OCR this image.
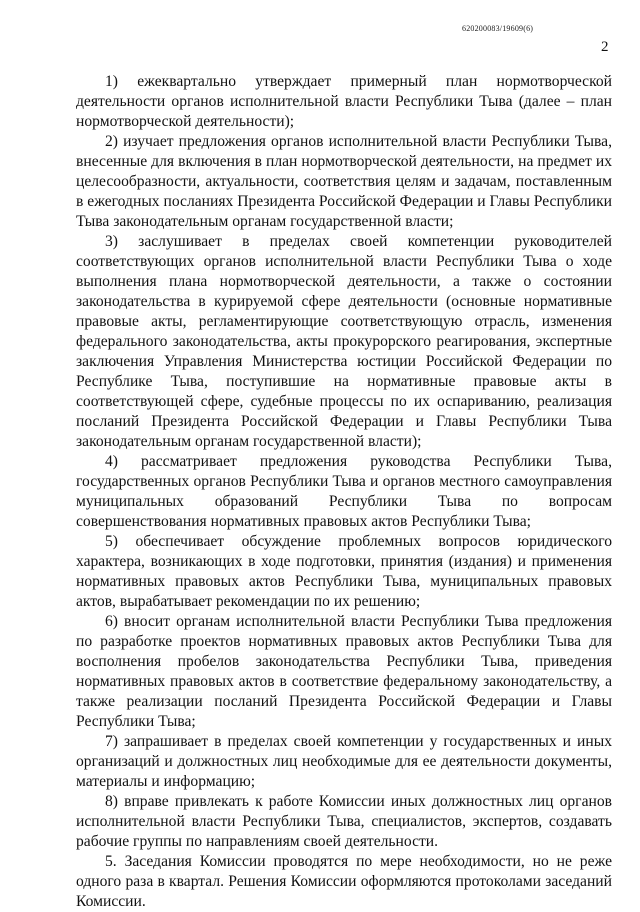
620200083/19609(6)
2

1) ежеквартально утверждает примерный план нормотворческой деятельности органов исполнительной власти Республики Тыва (далее – план нормотворческой деятельности);

2) изучает предложения органов исполнительной власти Республики Тыва, внесенные для включения в план нормотворческой деятельности, на предмет их целесообразности, актуальности, соответствия целям и задачам, поставленным в ежегодных посланиях Президента Российской Федерации и Главы Республики Тыва законодательным органам государственной власти;

3) заслушивает в пределах своей компетенции руководителей соответствующих органов исполнительной власти Республики Тыва о ходе выполнения плана нормотворческой деятельности, а также о состоянии законодательства в курируемой сфере деятельности (основные нормативные правовые акты, регламентирующие соответствующую отрасль, изменения федерального законодательства, акты прокурорского реагирования, экспертные заключения Управления Министерства юстиции Российской Федерации по Республике Тыва, поступившие на нормативные правовые акты в соответствующей сфере, судебные процессы по их оспариванию, реализация посланий Президента Российской Федерации и Главы Республики Тыва законодательным органам государственной власти);

4) рассматривает предложения руководства Республики Тыва, государственных органов Республики Тыва и органов местного самоуправления муниципальных образований Республики Тыва по вопросам совершенствования нормативных правовых актов Республики Тыва;

5) обеспечивает обсуждение проблемных вопросов юридического характера, возникающих в ходе подготовки, принятия (издания) и применения нормативных правовых актов Республики Тыва, муниципальных правовых актов, вырабатывает рекомендации по их решению;

6) вносит органам исполнительной власти Республики Тыва предложения по разработке проектов нормативных правовых актов Республики Тыва для восполнения пробелов законодательства Республики Тыва, приведения нормативных правовых актов в соответствие федеральному законодательству, а также реализации посланий Президента Российской Федерации и Главы Республики Тыва;

7) запрашивает в пределах своей компетенции у государственных и иных организаций и должностных лиц необходимые для ее деятельности документы, материалы и информацию;

8) вправе привлекать к работе Комиссии иных должностных лиц органов исполнительной власти Республики Тыва, специалистов, экспертов, создавать рабочие группы по направлениям своей деятельности.

5. Заседания Комиссии проводятся по мере необходимости, но не реже одного раза в квартал. Решения Комиссии оформляются протоколами заседаний Комиссии.
